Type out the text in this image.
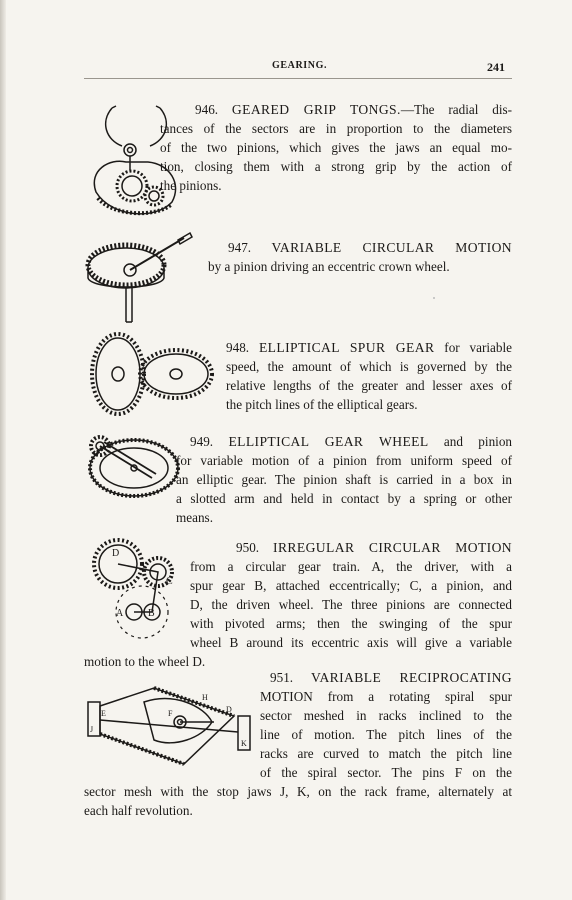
GEARING.	241
946. GEARED GRIP TONGS.—The radial dis-
tances of the sectors are in proportion to the diameters
of the two pinions, which gives the jaws an equal mo-
tion, closing them with a strong grip by the action of
the pinions.
947. VARIABLE CIRCULAR MOTION
by a pinion driving an eccentric crown wheel.
948. ELLIPTICAL SPUR GEAR for variable
speed, the amount of which is governed by the
relative lengths of the greater and lesser axes of
the pitch lines of the elliptical gears.
949. ELLIPTICAL GEAR WHEEL and pinion
for variable motion of a pinion from uniform speed of
an elliptic gear. The pinion shaft is carried in a box in
a slotted arm and held in contact by a spring or other
means.
D
C
A B
950. IRREGULAR CIRCULAR MOTION
from a circular gear train. A, the driver, with a
spur gear B, attached eccentrically; C, a pinion, and
D, the driven wheel. The three pinions are connected
with pivoted arms; then the swinging of the spur
wheel B around its eccentric axis will give a variable
motion to the wheel D.
E
H
D
F
J
K
951. VARIABLE RECIPROCATING
MOTION from a rotating spiral spur
sector meshed in racks inclined to the
line of motion. The pitch lines of the
racks are curved to match the pitch line
of the spiral sector. The pins F on the
sector mesh with the stop jaws J, K, on the rack frame, alternately at
each half revolution.
